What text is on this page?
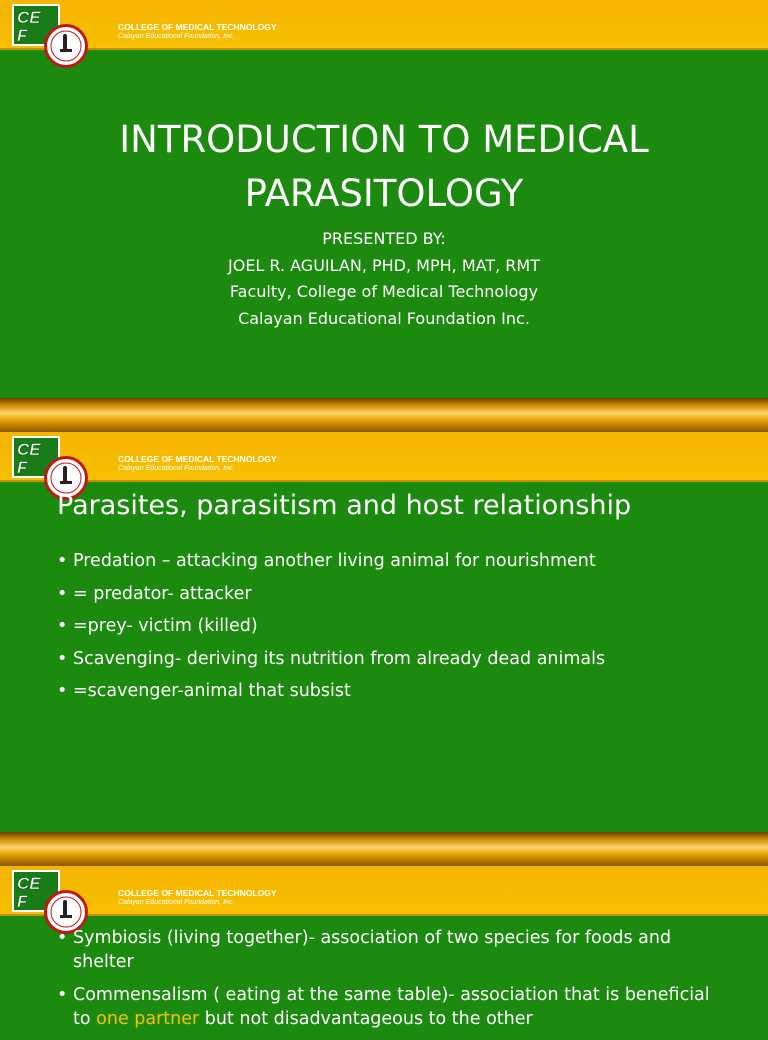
CE
F	COLLEGE OF MEDICAL TECHNOLOGY
Calayan Educational Foundation, Inc.
INTRODUCTION TO MEDICAL
PARASITOLOGY
PRESENTED BY:
JOEL R. AGUILAN, PHD, MPH, MAT, RMT
Faculty, College of Medical Technology
Calayan Educational Foundation Inc.
CE
F	COLLEGE OF MEDICAL TECHNOLOGY
Calayan Educational Foundation, Inc.
Parasites, parasitism and host relationship
• Predation – attacking another living animal for nourishment
• = predator- attacker
• =prey- victim (killed)
• Scavenging- deriving its nutrition from already dead animals
• =scavenger-animal that subsist
CE
F	COLLEGE OF MEDICAL TECHNOLOGY
Calayan Educational Foundation, Inc.
• Symbiosis (living together)- association of two species for foods and shelter
• Commensalism ( eating at the same table)- association that is beneficial to one partner but not disadvantageous to the other
